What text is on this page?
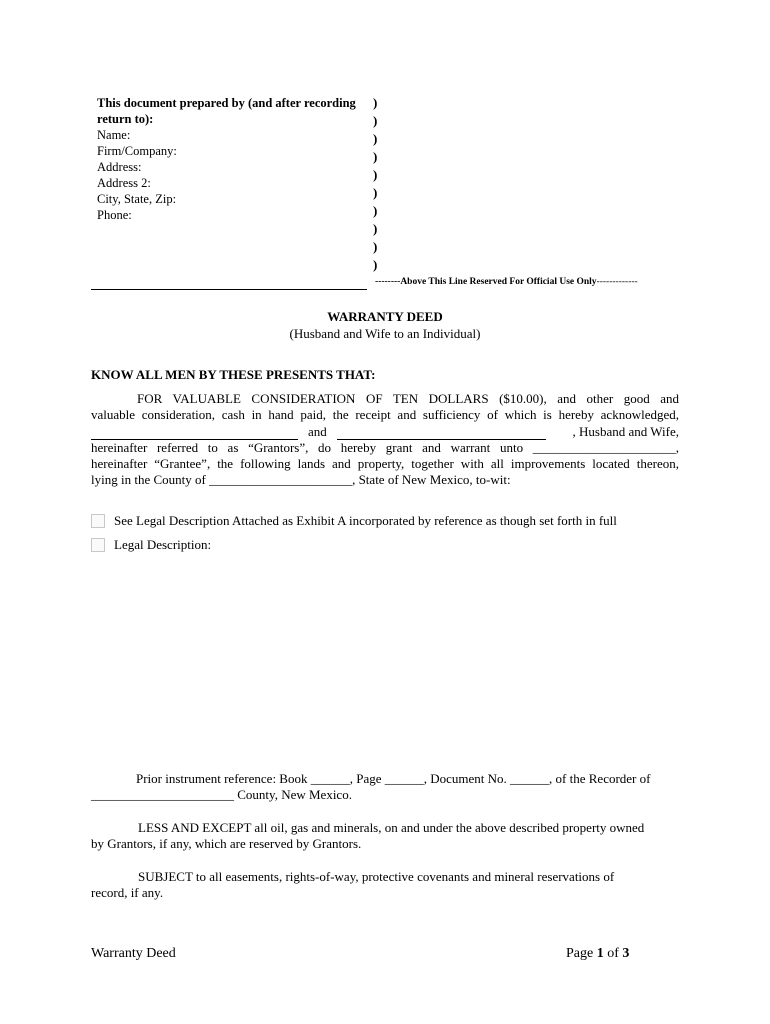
This document prepared by (and after recording
return to):
Name:
Firm/Company:
Address:
Address 2:
City, State, Zip:
Phone:
)
)
)
)
)
)
)
)
)
)
--------Above This Line Reserved For Official Use Only-------------
WARRANTY DEED
(Husband and Wife to an Individual)
KNOW ALL MEN BY THESE PRESENTS THAT:
FOR VALUABLE CONSIDERATION OF TEN DOLLARS ($10.00), and other good and
valuable consideration, cash in hand paid, the receipt and sufficiency of which is hereby acknowledged,
and	, Husband and Wife,
hereinafter referred to as “Grantors”, do hereby grant and warrant unto ______________________,
hereinafter “Grantee”, the following lands and property, together with all improvements located thereon,
lying in the County of ______________________, State of New Mexico, to-wit:
See Legal Description Attached as Exhibit A incorporated by reference as though set forth in full
Legal Description:
Prior instrument reference: Book ______, Page ______, Document No. ______, of the Recorder of
______________________ County, New Mexico.
LESS AND EXCEPT all oil, gas and minerals, on and under the above described property owned
by Grantors, if any, which are reserved by Grantors.
SUBJECT to all easements, rights-of-way, protective covenants and mineral reservations of
record, if any.
Warranty Deed	Page 1 of 3
